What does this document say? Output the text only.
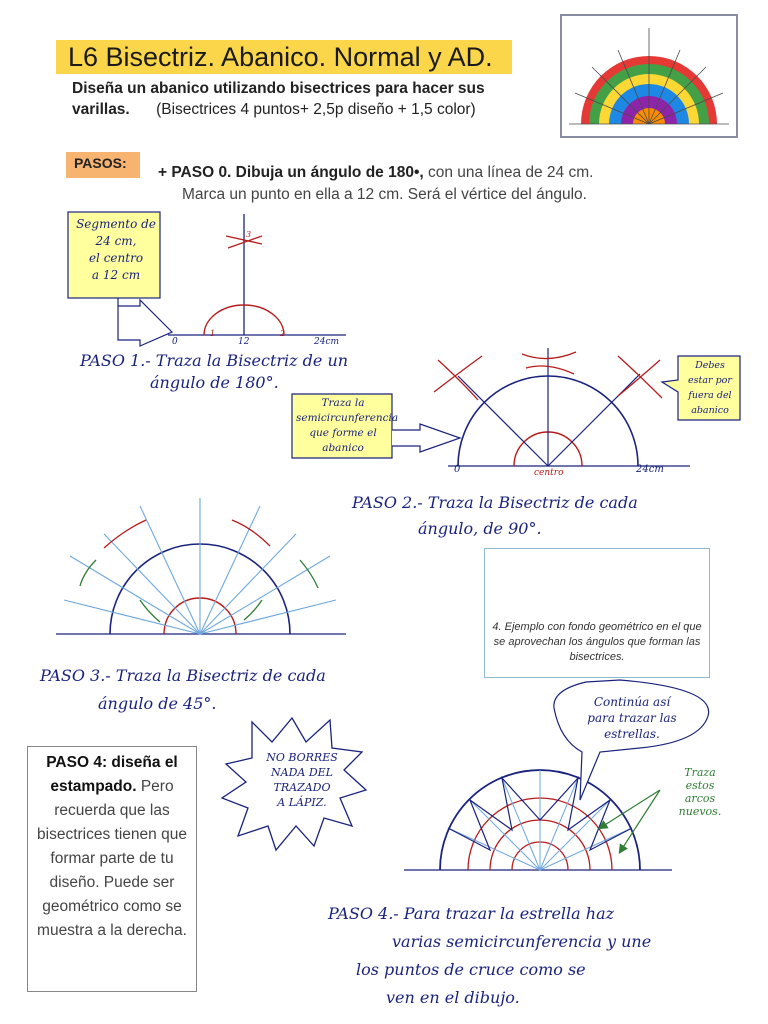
L6 Bisectriz. Abanico. Normal y AD.
Diseña un abanico utilizando bisectrices para hacer sus varillas. (Bisectrices 4 puntos+ 2,5p diseño + 1,5 color)
PASOS:
+ PASO 0. Dibuja un ángulo de 180•, con una línea de 24 cm.
Marca un punto en ella a 12 cm. Será el vértice del ángulo.
Segmento de
24 cm,
el centro
a 12 cm
0	12	24cm
1	2
3
PASO 1.- Traza la Bisectriz de un
ángulo de 180°.
Traza la
semicircunferencia
que forme el
abanico
Debes
estar por
fuera del
abanico
0	centro	24cm
PASO 2.- Traza la Bisectriz de cada
ángulo, de 90°.
4. Ejemplo con fondo geométrico en el que se aprovechan los ángulos que forman las bisectrices.
PASO 3.- Traza la Bisectriz de cada
ángulo de 45°.
PASO 4: diseña el estampado. Pero recuerda que las bisectrices tienen que formar parte de tu diseño. Puede ser geométrico como se muestra a la derecha.
NO BORRES
NADA DEL
TRAZADO
A LÁPIZ.
Continúa así
para trazar las
estrellas.
Traza
estos
arcos
nuevos.
PASO 4.- Para trazar la estrella haz
varias semicircunferencia y une
los puntos de cruce como se
ven en el dibujo.
